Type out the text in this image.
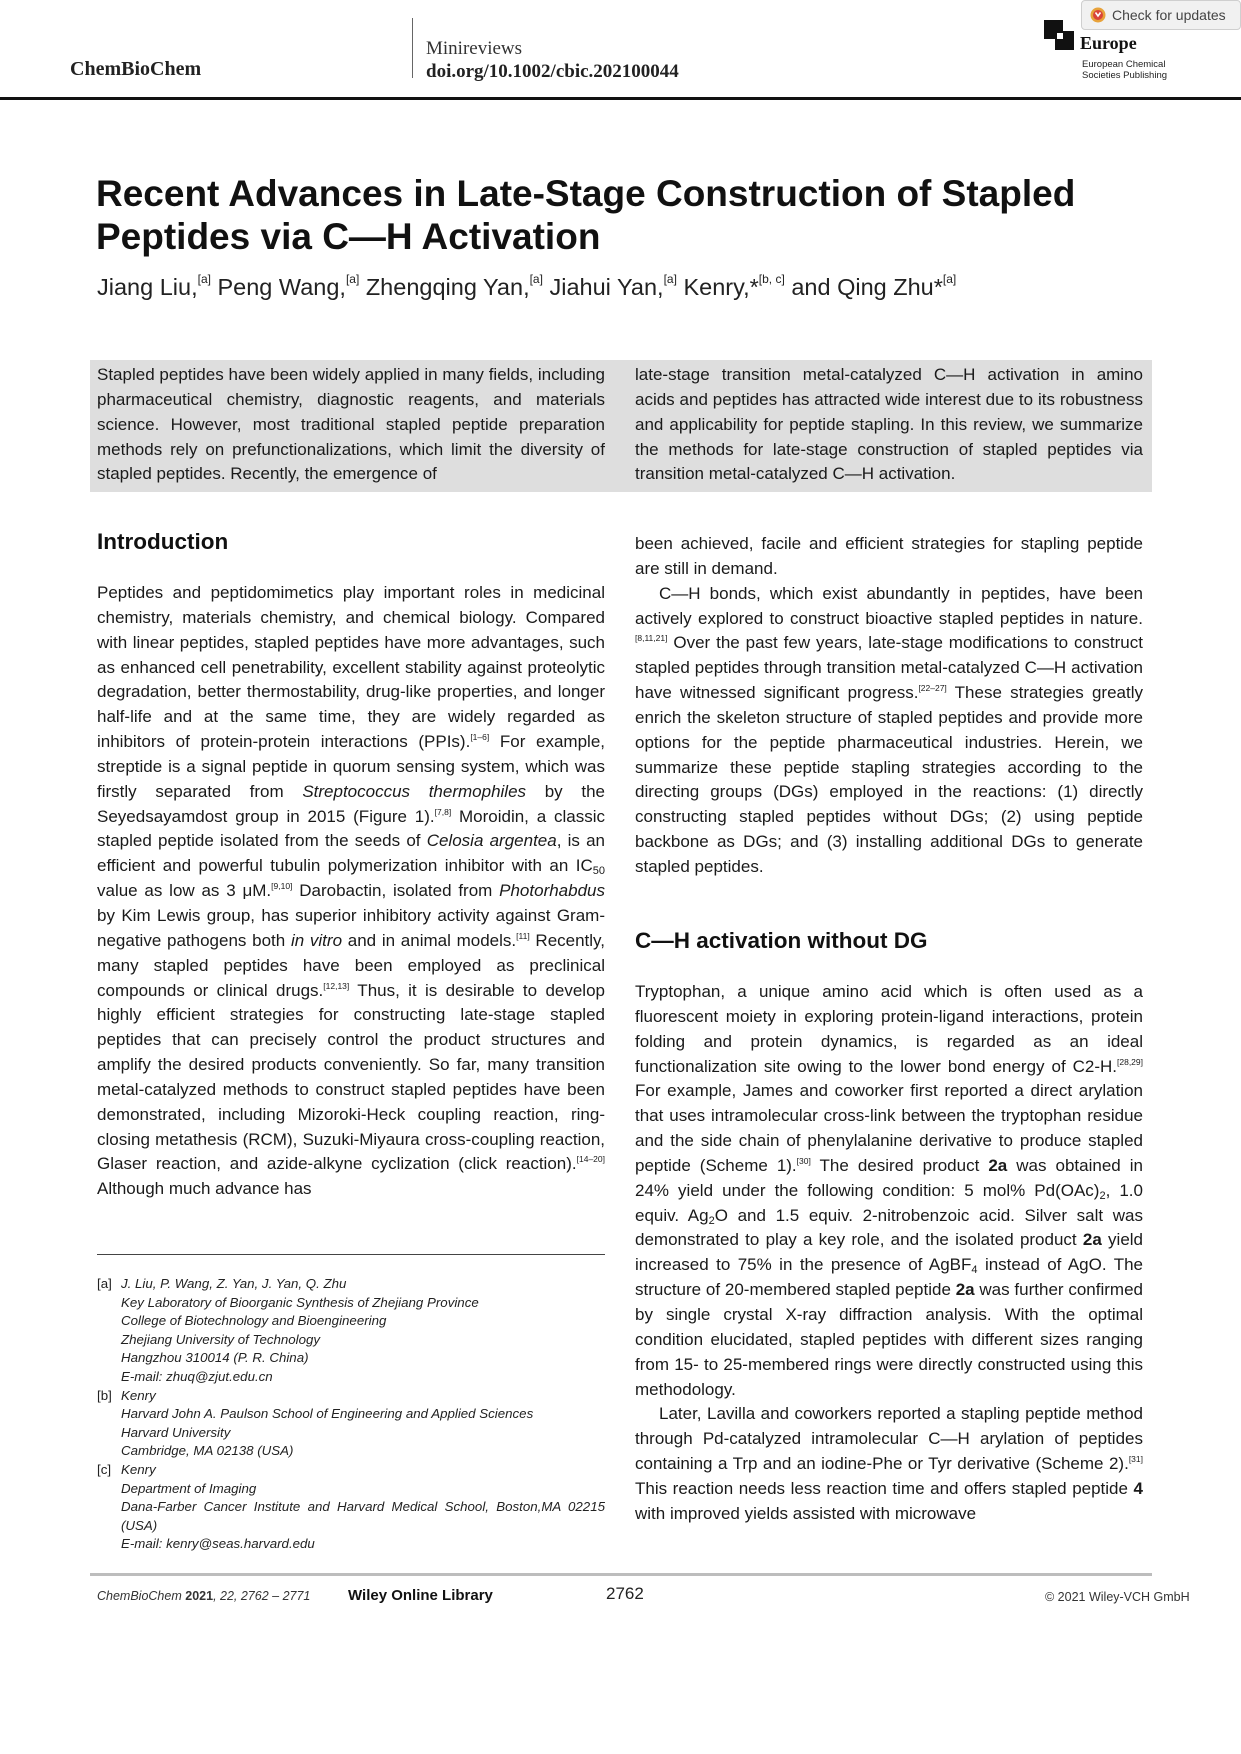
ChemBioChem
Minireviews
doi.org/10.1002/cbic.202100044
Europe
European Chemical
Societies Publishing
Check for updates
Recent Advances in Late-Stage Construction of Stapled Peptides via C—H Activation
Jiang Liu,[a] Peng Wang,[a] Zhengqing Yan,[a] Jiahui Yan,[a] Kenry,*[b, c] and Qing Zhu*[a]
Stapled peptides have been widely applied in many fields, including pharmaceutical chemistry, diagnostic reagents, and materials science. However, most traditional stapled peptide preparation methods rely on prefunctionalizations, which limit the diversity of stapled peptides. Recently, the emergence of
late-stage transition metal-catalyzed C—H activation in amino acids and peptides has attracted wide interest due to its robustness and applicability for peptide stapling. In this review, we summarize the methods for late-stage construction of stapled peptides via transition metal-catalyzed C—H activation.
Introduction
Peptides and peptidomimetics play important roles in medicinal chemistry, materials chemistry, and chemical biology. Compared with linear peptides, stapled peptides have more advantages, such as enhanced cell penetrability, excellent stability against proteolytic degradation, better thermostability, drug-like properties, and longer half-life and at the same time, they are widely regarded as inhibitors of protein-protein interactions (PPIs).[1–6] For example, streptide is a signal peptide in quorum sensing system, which was firstly separated from Streptococcus thermophiles by the Seyedsayamdost group in 2015 (Figure 1).[7,8] Moroidin, a classic stapled peptide isolated from the seeds of Celosia argentea, is an efficient and powerful tubulin polymerization inhibitor with an $IC_{50}$ value as low as 3 μM.[9,10] Darobactin, isolated from Photorhabdus by Kim Lewis group, has superior inhibitory activity against Gram-negative pathogens both in vitro and in animal models.[11] Recently, many stapled peptides have been employed as preclinical compounds or clinical drugs.[12,13] Thus, it is desirable to develop highly efficient strategies for constructing late-stage stapled peptides that can precisely control the product structures and amplify the desired products conveniently. So far, many transition metal-catalyzed methods to construct stapled peptides have been demonstrated, including Mizoroki-Heck coupling reaction, ring-closing metathesis (RCM), Suzuki-Miyaura cross-coupling reaction, Glaser reaction, and azide-alkyne cyclization (click reaction).[14–20] Although much advance has
been achieved, facile and efficient strategies for stapling peptide are still in demand.
C—H bonds, which exist abundantly in peptides, have been actively explored to construct bioactive stapled peptides in nature.[8,11,21] Over the past few years, late-stage modifications to construct stapled peptides through transition metal-catalyzed C—H activation have witnessed significant progress.[22–27] These strategies greatly enrich the skeleton structure of stapled peptides and provide more options for the peptide pharmaceutical industries. Herein, we summarize these peptide stapling strategies according to the directing groups (DGs) employed in the reactions: (1) directly constructing stapled peptides without DGs; (2) using peptide backbone as DGs; and (3) installing additional DGs to generate stapled peptides.
C—H activation without DG
Tryptophan, a unique amino acid which is often used as a fluorescent moiety in exploring protein-ligand interactions, protein folding and protein dynamics, is regarded as an ideal functionalization site owing to the lower bond energy of C2-H.[28,29] For example, James and coworker first reported a direct arylation that uses intramolecular cross-link between the tryptophan residue and the side chain of phenylalanine derivative to produce stapled peptide (Scheme 1).[30] The desired product 2a was obtained in 24% yield under the following condition: 5 mol% $Pd(OAc)_2$, 1.0 equiv. $Ag_2O$ and 1.5 equiv. 2-nitrobenzoic acid. Silver salt was demonstrated to play a key role, and the isolated product 2a yield increased to 75% in the presence of AgBF$_4$ instead of AgO. The structure of 20-membered stapled peptide 2a was further confirmed by single crystal X-ray diffraction analysis. With the optimal condition elucidated, stapled peptides with different sizes ranging from 15- to 25-membered rings were directly constructed using this methodology.
Later, Lavilla and coworkers reported a stapling peptide method through Pd-catalyzed intramolecular C—H arylation of peptides containing a Trp and an iodine-Phe or Tyr derivative (Scheme 2).[31] This reaction needs less reaction time and offers stapled peptide 4 with improved yields assisted with microwave
[a] J. Liu, P. Wang, Z. Yan, J. Yan, Q. Zhu
Key Laboratory of Bioorganic Synthesis of Zhejiang Province
College of Biotechnology and Bioengineering
Zhejiang University of Technology
Hangzhou 310014 (P. R. China)
E-mail: zhuq@zjut.edu.cn
[b] Kenry
Harvard John A. Paulson School of Engineering and Applied Sciences
Harvard University
Cambridge, MA 02138 (USA)
[c] Kenry
Department of Imaging
Dana-Farber Cancer Institute and Harvard Medical School, Boston,MA 02215 (USA)
E-mail: kenry@seas.harvard.edu
ChemBioChem 2021, 22, 2762 – 2771	Wiley Online Library	2762	© 2021 Wiley-VCH GmbH
